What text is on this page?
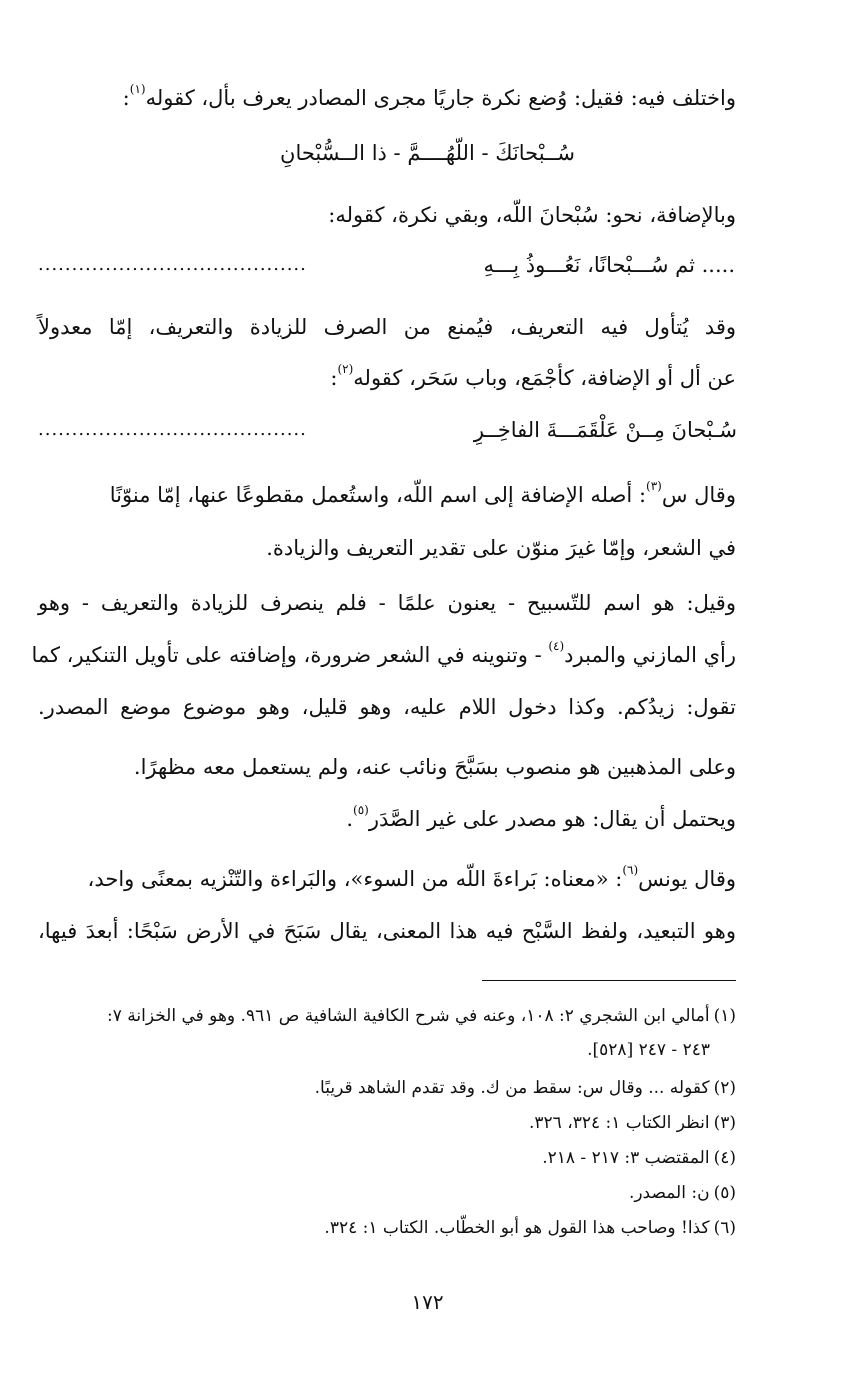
واختلف فيه: فقيل: وُضع نكرة جاريًا مجرى المصادر يعرف بأل، كقوله$^{(١)}$:
سُــبْحانَكَ - اللّهُــــمَّ - ذا الــسُّبْحانِ
وبالإضافة، نحو: سُبْحانَ اللّه، وبقي نكرة، كقوله:
..... ثم سُـــبْحانًا، نَعُـــوذُ بِـــهِ
........................................
وقد يُتأول فيه التعريف، فيُمنع من الصرف للزيادة والتعريف، إمّا معدولاً
عن أل أو الإضافة، كأجْمَع، وباب سَحَر، كقوله$^{(٢)}$:
سُـبْحانَ مِــنْ عَلْقَمَـــةَ الفاخِــرِ
........................................
وقال س$^{(٣)}$: أصله الإضافة إلى اسم اللّه، واستُعمل مقطوعًا عنها، إمّا منوّنًا
في الشعر، وإمّا غيرَ منوّن على تقدير التعريف والزيادة.
وقيل: هو اسم للتّسبيح - يعنون علمًا - فلم ينصرف للزيادة والتعريف - وهو
رأي المازني والمبرد$^{(٤)}$ - وتنوينه في الشعر ضرورة، وإضافته على تأويل التنكير، كما
تقول: زيدُكم. وكذا دخول اللام عليه، وهو قليل، وهو موضوع موضع المصدر.
وعلى المذهبين هو منصوب بسَبَّحَ ونائب عنه، ولم يستعمل معه مظهرًا.
ويحتمل أن يقال: هو مصدر على غير الصَّدَر$^{(٥)}$.
وقال يونس$^{(٦)}$: «معناه: بَراءةَ اللّه من السوء»، والبَراءة والتّنْزيه بمعنًى واحد،
وهو التبعيد، ولفظ السَّبْح فيه هذا المعنى، يقال سَبَحَ في الأرض سَبْحًا: أبعدَ فيها،
(١)أمالي ابن الشجري ٢: ١٠٨، وعنه في شرح الكافية الشافية ص ٩٦١. وهو في الخزانة ٧:
٢٤٣ - ٢٤٧ [٥٢٨].
(٢)كقوله ... وقال س: سقط من ك. وقد تقدم الشاهد قريبًا.
(٣)انظر الكتاب ١: ٣٢٤، ٣٢٦.
(٤)المقتضب ٣: ٢١٧ - ٢١٨.
(٥)ن: المصدر.
(٦)كذا! وصاحب هذا القول هو أبو الخطّاب. الكتاب ١: ٣٢٤.
١٧٢
